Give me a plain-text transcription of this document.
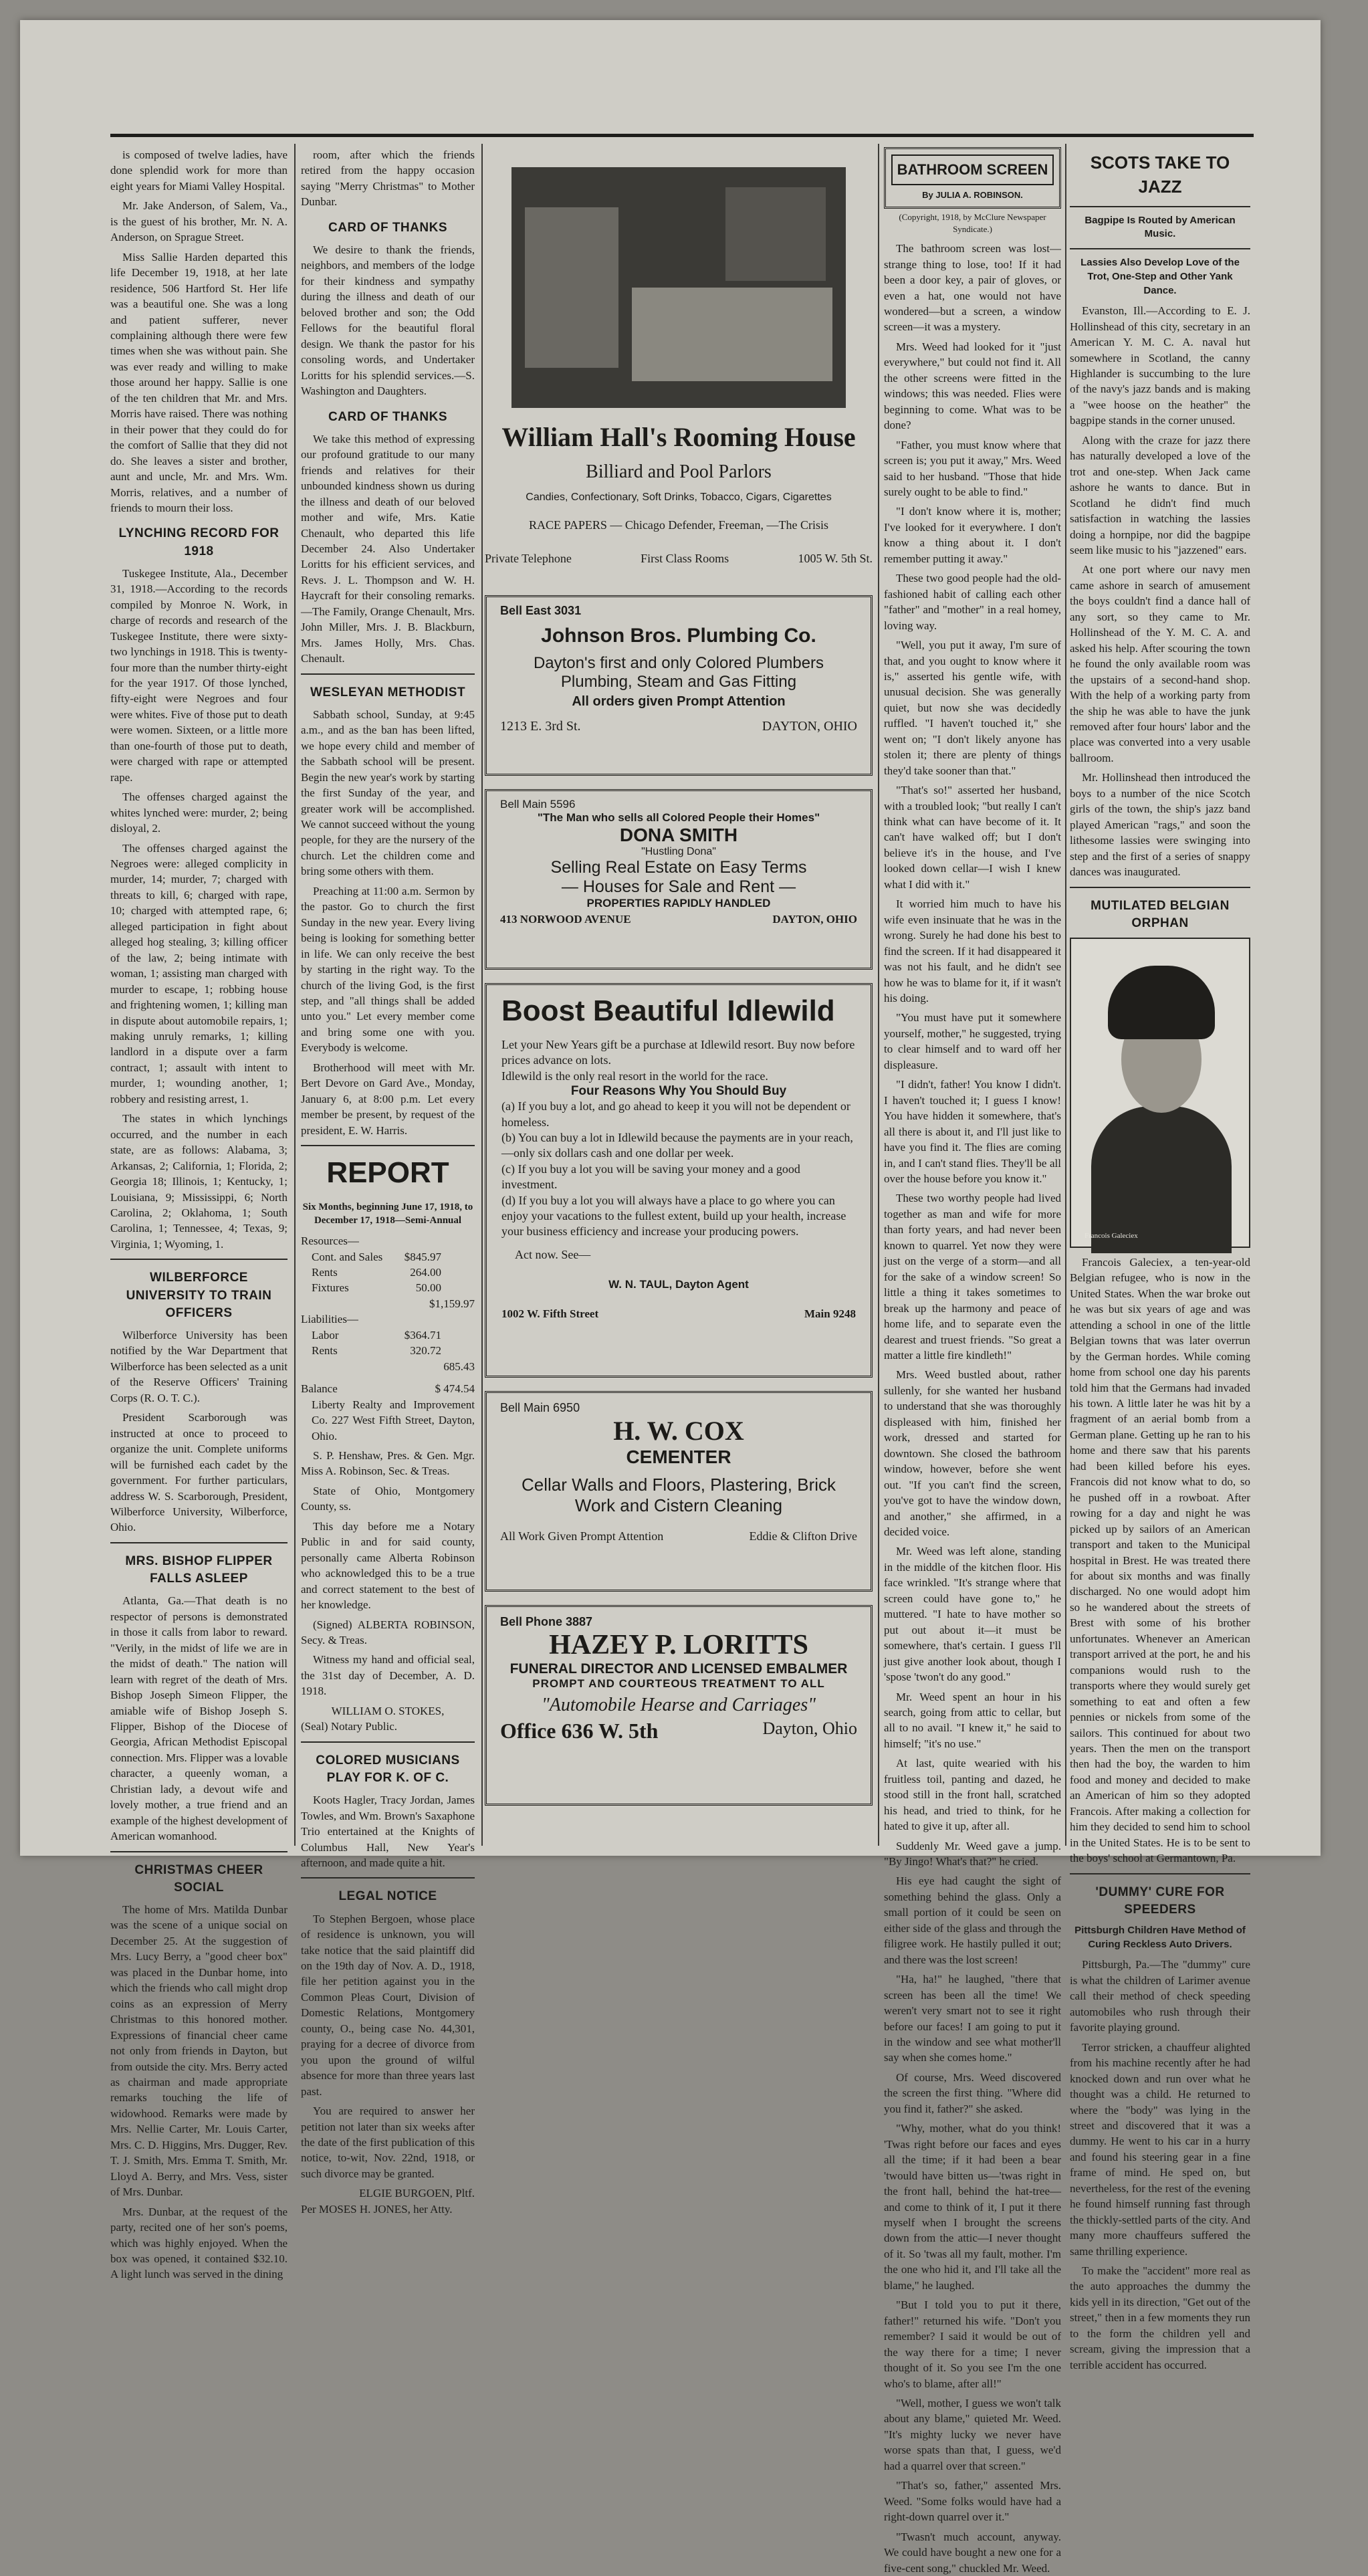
is composed of twelve ladies, have done splendid work for more than eight years for Miami Valley Hospital.

Mr. Jake Anderson, of Salem, Va., is the guest of his brother, Mr. N. A. Anderson, on Sprague Street.

Miss Sallie Harden departed this life December 19, 1918, at her late residence, 506 Hartford St. Her life was a beautiful one. She was a long and patient sufferer, never complaining although there were few times when she was without pain. She was ever ready and willing to make those around her happy. Sallie is one of the ten children that Mr. and Mrs. Morris have raised. There was nothing in their power that they could do for the comfort of Sallie that they did not do. She leaves a sister and brother, aunt and uncle, Mr. and Mrs. Wm. Morris, relatives, and a number of friends to mourn their loss.

LYNCHING RECORD FOR 1918

Tuskegee Institute, Ala., December 31, 1918.—According to the records compiled by Monroe N. Work, in charge of records and research of the Tuskegee Institute, there were sixty-two lynchings in 1918. This is twenty-four more than the number thirty-eight for the year 1917. Of those lynched, fifty-eight were Negroes and four were whites. Five of those put to death were women. Sixteen, or a little more than one-fourth of those put to death, were charged with rape or attempted rape.

The offenses charged against the whites lynched were: murder, 2; being disloyal, 2.

The offenses charged against the Negroes were: alleged complicity in murder, 14; murder, 7; charged with threats to kill, 6; charged with rape, 10; charged with attempted rape, 6; alleged participation in fight about alleged hog stealing, 3; killing officer of the law, 2; being intimate with woman, 1; assisting man charged with murder to escape, 1; robbing house and frightening women, 1; killing man in dispute about automobile repairs, 1; making unruly remarks, 1; killing landlord in a dispute over a farm contract, 1; assault with intent to murder, 1; wounding another, 1; robbery and resisting arrest, 1.

The states in which lynchings occurred, and the number in each state, are as follows: Alabama, 3; Arkansas, 2; California, 1; Florida, 2; Georgia 18; Illinois, 1; Kentucky, 1; Louisiana, 9; Mississippi, 6; North Carolina, 2; Oklahoma, 1; South Carolina, 1; Tennessee, 4; Texas, 9; Virginia, 1; Wyoming, 1.

WILBERFORCE UNIVERSITY TO TRAIN OFFICERS

Wilberforce University has been notified by the War Department that Wilberforce has been selected as a unit of the Reserve Officers' Training Corps (R. O. T. C.).

President Scarborough was instructed at once to proceed to organize the unit. Complete uniforms will be furnished each cadet by the government. For further particulars, address W. S. Scarborough, President, Wilberforce University, Wilberforce, Ohio.

MRS. BISHOP FLIPPER FALLS ASLEEP

Atlanta, Ga.—That death is no respector of persons is demonstrated in those it calls from labor to reward. "Verily, in the midst of life we are in the midst of death." The nation will learn with regret of the death of Mrs. Bishop Joseph Simeon Flipper, the amiable wife of Bishop Joseph S. Flipper, Bishop of the Diocese of Georgia, African Methodist Episcopal connection. Mrs. Flipper was a lovable character, a queenly woman, a Christian lady, a devout wife and lovely mother, a true friend and an example of the highest development of American womanhood.

CHRISTMAS CHEER SOCIAL

The home of Mrs. Matilda Dunbar was the scene of a unique social on December 25. At the suggestion of Mrs. Lucy Berry, a "good cheer box" was placed in the Dunbar home, into which the friends who call might drop coins as an expression of Merry Christmas to this honored mother. Expressions of financial cheer came not only from friends in Dayton, but from outside the city. Mrs. Berry acted as chairman and made appropriate remarks touching the life of widowhood. Remarks were made by Mrs. Nellie Carter, Mr. Louis Carter, Mrs. C. D. Higgins, Mrs. Dugger, Rev. T. J. Smith, Mrs. Emma T. Smith, Mr. Lloyd A. Berry, and Mrs. Vess, sister of Mrs. Dunbar.

Mrs. Dunbar, at the request of the party, recited one of her son's poems, which was highly enjoyed. When the box was opened, it contained $32.10. A light lunch was served in the dining

room, after which the friends retired from the happy occasion saying "Merry Christmas" to Mother Dunbar.

CARD OF THANKS

We desire to thank the friends, neighbors, and members of the lodge for their kindness and sympathy during the illness and death of our beloved brother and son; the Odd Fellows for the beautiful floral design. We thank the pastor for his consoling words, and Undertaker Loritts for his splendid services.—S. Washington and Daughters.

CARD OF THANKS

We take this method of expressing our profound gratitude to our many friends and relatives for their unbounded kindness shown us during the illness and death of our beloved mother and wife, Mrs. Katie Chenault, who departed this life December 24. Also Undertaker Loritts for his efficient services, and Revs. J. L. Thompson and W. H. Haycraft for their consoling remarks.—The Family, Orange Chenault, Mrs. John Miller, Mrs. J. B. Blackburn, Mrs. James Holly, Mrs. Chas. Chenault.

WESLEYAN METHODIST

Sabbath school, Sunday, at 9:45 a.m., and as the ban has been lifted, we hope every child and member of the Sabbath school will be present. Begin the new year's work by starting the first Sunday of the year, and greater work will be accomplished. We cannot succeed without the young people, for they are the nursery of the church. Let the children come and bring some others with them.

Preaching at 11:00 a.m. Sermon by the pastor. Go to church the first Sunday in the new year. Every living being is looking for something better in life. We can only receive the best by starting in the right way. To the church of the living God, is the first step, and "all things shall be added unto you." Let every member come and bring some one with you. Everybody is welcome.

Brotherhood will meet with Mr. Bert Devore on Gard Ave., Monday, January 6, at 8:00 p.m. Let every member be present, by request of the president, E. W. Harris.

REPORT
Six Months, beginning June 17, 1918, to December 17, 1918—Semi-Annual
Resources—
Cont. and Sales $845.97
Rents	264.00
Fixtures	50.00
$1,159.97
Liabilities—
Labor	$364.71
Rents	320.72
685.43
Balance	$ 474.54

Liberty Realty and Improvement Co. 227 West Fifth Street, Dayton, Ohio.

S. P. Henshaw, Pres. & Gen. Mgr. Miss A. Robinson, Sec. & Treas.

State of Ohio, Montgomery County, ss.

This day before me a Notary Public in and for said county, personally came Alberta Robinson who acknowledged this to be a true and correct statement to the best of her knowledge.

(Signed) ALBERTA ROBINSON, Secy. & Treas.

Witness my hand and official seal, the 31st day of December, A. D. 1918.

WILLIAM O. STOKES,
(Seal) Notary Public.
COLORED MUSICIANS PLAY FOR K. OF C.

Koots Hagler, Tracy Jordan, James Towles, and Wm. Brown's Saxaphone Trio entertained at the Knights of Columbus Hall, New Year's afternoon, and made quite a hit.

LEGAL NOTICE

To Stephen Bergoen, whose place of residence is unknown, you will take notice that the said plaintiff did on the 19th day of Nov. A. D., 1918, file her petition against you in the Common Pleas Court, Division of Domestic Relations, Montgomery county, O., being case No. 44,301, praying for a decree of divorce from you upon the ground of wilful absence for more than three years last past.

You are required to answer her petition not later than six weeks after the date of the first publication of this notice, to-wit, Nov. 22nd, 1918, or such divorce may be granted.

ELGIE BURGOEN, Pltf.
Per MOSES H. JONES, her Atty.
William Hall's Rooming House
Billiard and Pool Parlors
Candies, Confectionary, Soft Drinks, Tobacco, Cigars, Cigarettes
RACE PAPERS — Chicago Defender, Freeman, —The Crisis
Private Telephone	First Class Rooms	1005 W. 5th St.
Bell East 3031
Johnson Bros. Plumbing Co.
Dayton's first and only Colored Plumbers
Plumbing, Steam and Gas Fitting
All orders given Prompt Attention
1213 E. 3rd St.	DAYTON, OHIO
Bell Main 5596
"The Man who sells all Colored People their Homes"
DONA SMITH
"Hustling Dona"
Selling Real Estate on Easy Terms
— Houses for Sale and Rent —
PROPERTIES RAPIDLY HANDLED
413 NORWOOD AVENUE	DAYTON, OHIO
Boost Beautiful Idlewild
Let your New Years gift be a purchase at Idlewild resort. Buy now before prices advance on lots.
Idlewild is the only real resort in the world for the race.
Four Reasons Why You Should Buy
(a) If you buy a lot, and go ahead to keep it you will not be dependent or homeless.
(b) You can buy a lot in Idlewild because the payments are in your reach,—only six dollars cash and one dollar per week.
(c) If you buy a lot you will be saving your money and a good investment.
(d) If you buy a lot you will always have a place to go where you can enjoy your vacations to the fullest extent, build up your health, increase your business efficiency and increase your producing powers.
Act now. See—
W. N. TAUL, Dayton Agent
1002 W. Fifth Street	Main 9248
Bell Main 6950
H. W. COX
CEMENTER
Cellar Walls and Floors, Plastering, Brick
Work and Cistern Cleaning
All Work Given Prompt Attention	Eddie & Clifton Drive
Bell Phone 3887
HAZEY P. LORITTS
FUNERAL DIRECTOR AND LICENSED EMBALMER
PROMPT AND COURTEOUS TREATMENT TO ALL
"Automobile Hearse and Carriages"
Office 636 W. 5th	Dayton, Ohio
BATHROOM SCREEN
By JULIA A. ROBINSON.
(Copyright, 1918, by McClure Newspaper Syndicate.)

The bathroom screen was lost—strange thing to lose, too! If it had been a door key, a pair of gloves, or even a hat, one would not have wondered—but a screen, a window screen—it was a mystery.

Mrs. Weed had looked for it "just everywhere," but could not find it. All the other screens were fitted in the windows; this was needed. Flies were beginning to come. What was to be done?

"Father, you must know where that screen is; you put it away," Mrs. Weed said to her husband. "Those that hide surely ought to be able to find."

"I don't know where it is, mother; I've looked for it everywhere. I don't know a thing about it. I don't remember putting it away."

These two good people had the old-fashioned habit of calling each other "father" and "mother" in a real homey, loving way.

"Well, you put it away, I'm sure of that, and you ought to know where it is," asserted his gentle wife, with unusual decision. She was generally quiet, but now she was decidedly ruffled. "I haven't touched it," she went on; "I don't likely anyone has stolen it; there are plenty of things they'd take sooner than that."

"That's so!" asserted her husband, with a troubled look; "but really I can't think what can have become of it. It can't have walked off; but I don't believe it's in the house, and I've looked down cellar—I wish I knew what I did with it."

It worried him much to have his wife even insinuate that he was in the wrong. Surely he had done his best to find the screen. If it had disappeared it was not his fault, and he didn't see how he was to blame for it, if it wasn't his doing.

"You must have put it somewhere yourself, mother," he suggested, trying to clear himself and to ward off her displeasure.

"I didn't, father! You know I didn't. I haven't touched it; I guess I know! You have hidden it somewhere, that's all there is about it, and I'll just like to have you find it. The flies are coming in, and I can't stand flies. They'll be all over the house before you know it."

These two worthy people had lived together as man and wife for more than forty years, and had never been known to quarrel. Yet now they were just on the verge of a storm—and all for the sake of a window screen! So little a thing it takes sometimes to break up the harmony and peace of home life, and to separate even the dearest and truest friends. "So great a matter a little fire kindleth!"

Mrs. Weed bustled about, rather sullenly, for she wanted her husband to understand that she was thoroughly displeased with him, finished her work, dressed and started for downtown. She closed the bathroom window, however, before she went out. "If you can't find the screen, you've got to have the window down, and another," she affirmed, in a decided voice.

Mr. Weed was left alone, standing in the middle of the kitchen floor. His face wrinkled. "It's strange where that screen could have gone to," he muttered. "I hate to have mother so put out about it—it must be somewhere, that's certain. I guess I'll just give another look about, though I 'spose 'twon't do any good."

Mr. Weed spent an hour in his search, going from attic to cellar, but all to no avail. "I knew it," he said to himself; "it's no use."

At last, quite wearied with his fruitless toil, panting and dazed, he stood still in the front hall, scratched his head, and tried to think, for he hated to give it up, after all.

Suddenly Mr. Weed gave a jump. "By Jingo! What's that?" he cried.

His eye had caught the sight of something behind the glass. Only a small portion of it could be seen on either side of the glass and through the filigree work. He hastily pulled it out; and there was the lost screen!

"Ha, ha!" he laughed, "there that screen has been all the time! We weren't very smart not to see it right before our faces! I am going to put it in the window and see what mother'll say when she comes home."

Of course, Mrs. Weed discovered the screen the first thing. "Where did you find it, father?" she asked.

"Why, mother, what do you think! 'Twas right before our faces and eyes all the time; if it had been a bear 'twould have bitten us—'twas right in the front hall, behind the hat-tree—and come to think of it, I put it there myself when I brought the screens down from the attic—I never thought of it. So 'twas all my fault, mother. I'm the one who hid it, and I'll take all the blame," he laughed.

"But I told you to put it there, father!" returned his wife. "Don't you remember? I said it would be out of the way there for a time; I never thought of it. So you see I'm the one who's to blame, after all!"

"Well, mother, I guess we won't talk about any blame," quieted Mr. Weed. "It's mighty lucky we never have worse spats than that, I guess, we'd had a quarrel over that screen."

"That's so, father," assented Mrs. Weed. "Some folks would have had a right-down quarrel over it."

"Twasn't much account, anyway. We could have bought a new one for a five-cent song," chuckled Mr. Weed.

SCOTS TAKE TO JAZZ
Bagpipe Is Routed by American Music.
Lassies Also Develop Love of the Trot, One-Step and Other Yank Dance.

Evanston, Ill.—According to E. J. Hollinshead of this city, secretary in an American Y. M. C. A. naval hut somewhere in Scotland, the canny Highlander is succumbing to the lure of the navy's jazz bands and is making a "wee hoose on the heather" the bagpipe stands in the corner unused.

Along with the craze for jazz there has naturally developed a love of the trot and one-step. When Jack came ashore he wants to dance. But in Scotland he didn't find much satisfaction in watching the lassies doing a hornpipe, nor did the bagpipe seem like music to his "jazzened" ears.

At one port where our navy men came ashore in search of amusement the boys couldn't find a dance hall of any sort, so they came to Mr. Hollinshead of the Y. M. C. A. and asked his help. After scouring the town he found the only available room was the upstairs of a second-hand shop. With the help of a working party from the ship he was able to have the junk removed after four hours' labor and the place was converted into a very usable ballroom.

Mr. Hollinshead then introduced the boys to a number of the nice Scotch girls of the town, the ship's jazz band played American "rags," and soon the lithesome lassies were swinging into step and the first of a series of snappy dances was inaugurated.

MUTILATED BELGIAN ORPHAN
Francois Galeciex

Francois Galeciex, a ten-year-old Belgian refugee, who is now in the United States. When the war broke out he was but six years of age and was attending a school in one of the little Belgian towns that was later overrun by the German hordes. While coming home from school one day his parents told him that the Germans had invaded his town. A little later he was hit by a fragment of an aerial bomb from a German plane. Getting up he ran to his home and there saw that his parents had been killed before his eyes. Francois did not know what to do, so he pushed off in a rowboat. After rowing for a day and night he was picked up by sailors of an American transport and taken to the Municipal hospital in Brest. He was treated there for about six months and was finally discharged. No one would adopt him so he wandered about the streets of Brest with some of his brother unfortunates. Whenever an American transport arrived at the port, he and his companions would rush to the transports where they would surely get something to eat and often a few pennies or nickels from some of the sailors. This continued for about two years. Then the men on the transport then had the boy, the warden to him food and money and decided to make an American of him so they adopted Francois. After making a collection for him they decided to send him to school in the United States. He is to be sent to the boys' school at Germantown, Pa.

'DUMMY' CURE FOR SPEEDERS
Pittsburgh Children Have Method of Curing Reckless Auto Drivers.

Pittsburgh, Pa.—The "dummy" cure is what the children of Larimer avenue call their method of check speeding automobiles who rush through their favorite playing ground.

Terror stricken, a chauffeur alighted from his machine recently after he had knocked down and run over what he thought was a child. He returned to where the "body" was lying in the street and discovered that it was a dummy. He went to his car in a hurry and found his steering gear in a fine frame of mind. He sped on, but nevertheless, for the rest of the evening he found himself running fast through the thickly-settled parts of the city. And many more chauffeurs suffered the same thrilling experience.

To make the "accident" more real as the auto approaches the dummy the kids yell in its direction, "Get out of the street," then in a few moments they run to the form the children yell and scream, giving the impression that a terrible accident has occurred.
